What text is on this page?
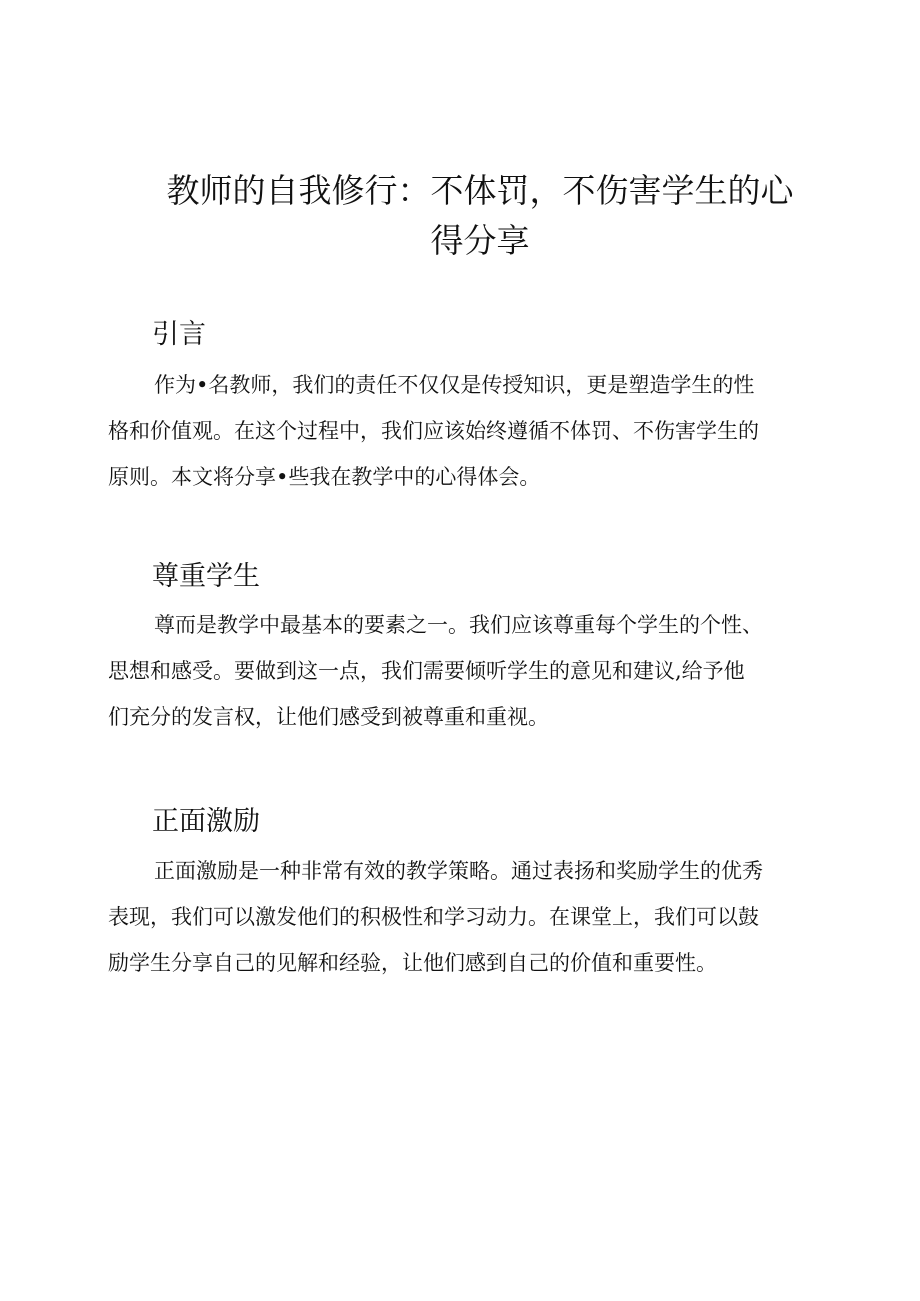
教师的自我修行：不体罚，不伤害学生的心
得分享
引言
作为•名教师，我们的责任不仅仅是传授知识，更是塑造学生的性
格和价值观。在这个过程中，我们应该始终遵循不体罚、不伤害学生的
原则。本文将分享•些我在教学中的心得体会。
尊重学生
尊而是教学中最基本的要素之一。我们应该尊重每个学生的个性、
思想和感受。要做到这一点，我们需要倾听学生的意见和建议,给予他
们充分的发言权，让他们感受到被尊重和重视。
正面激励
正面激励是一种非常有效的教学策略。通过表扬和奖励学生的优秀
表现，我们可以激发他们的积极性和学习动力。在课堂上，我们可以鼓
励学生分享自己的见解和经验，让他们感到自己的价值和重要性。
